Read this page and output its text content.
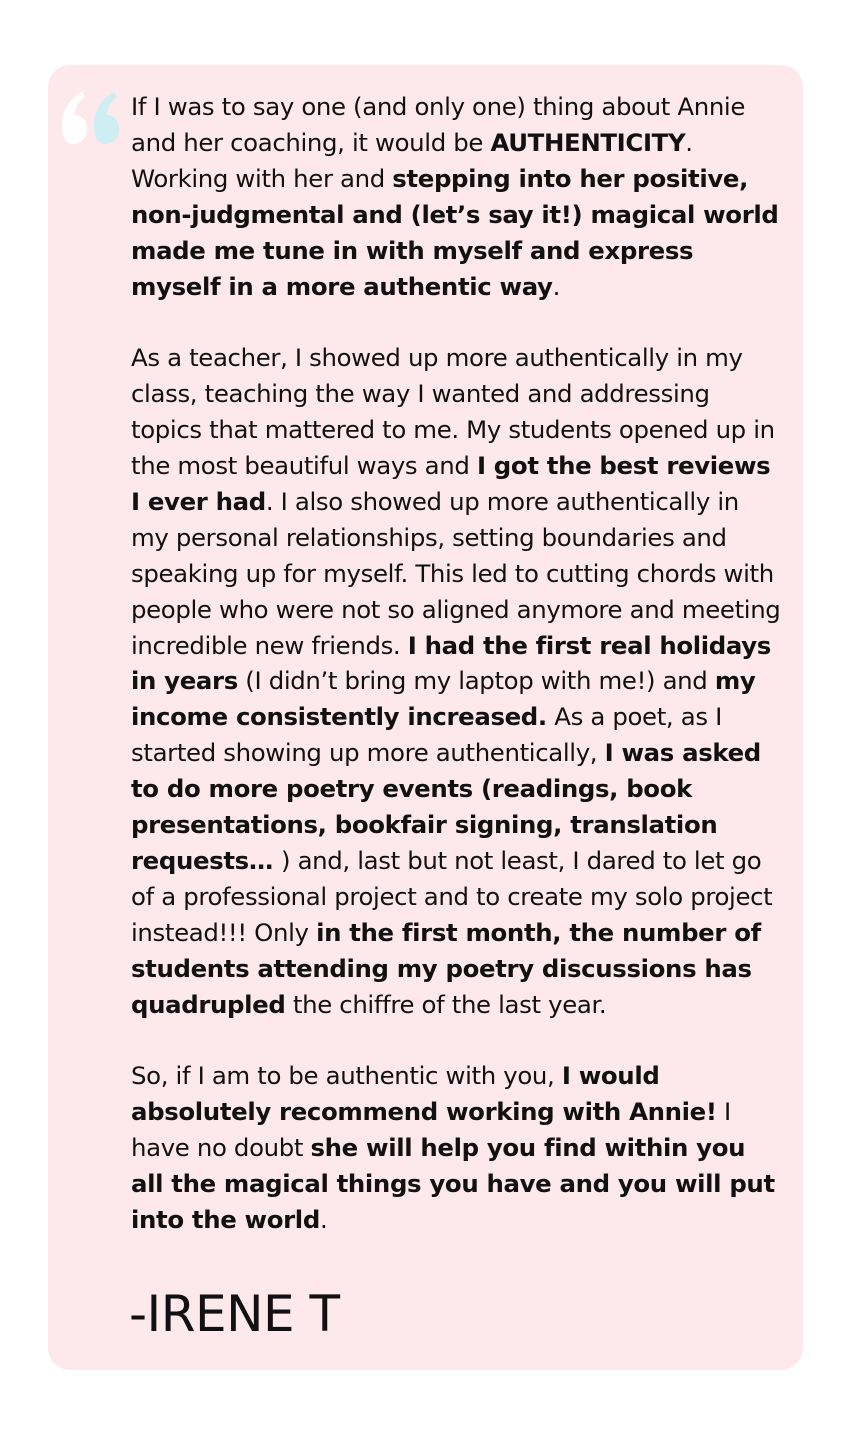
If I was to say one (and only one) thing about Annie and her coaching, it would be AUTHENTICITY. Working with her and stepping into her positive, non-judgmental and (let’s say it!) magical world made me tune in with myself and express myself in a more authentic way.

As a teacher, I showed up more authentically in my class, teaching the way I wanted and addressing topics that mattered to me. My students opened up in the most beautiful ways and I got the best reviews I ever had. I also showed up more authentically in my personal relationships, setting boundaries and speaking up for myself. This led to cutting chords with people who were not so aligned anymore and meeting incredible new friends. I had the first real holidays in years (I didn’t bring my laptop with me!) and my income consistently increased. As a poet, as I started showing up more authentically, I was asked to do more poetry events (readings, book presentations, bookfair signing, translation requests… ) and, last but not least, I dared to let go of a professional project and to create my solo project instead!!! Only in the first month, the number of students attending my poetry discussions has quadrupled the chiffre of the last year.

So, if I am to be authentic with you, I would absolutely recommend working with Annie! I have no doubt she will help you find within you all the magical things you have and you will put into the world.

-IRENE T
